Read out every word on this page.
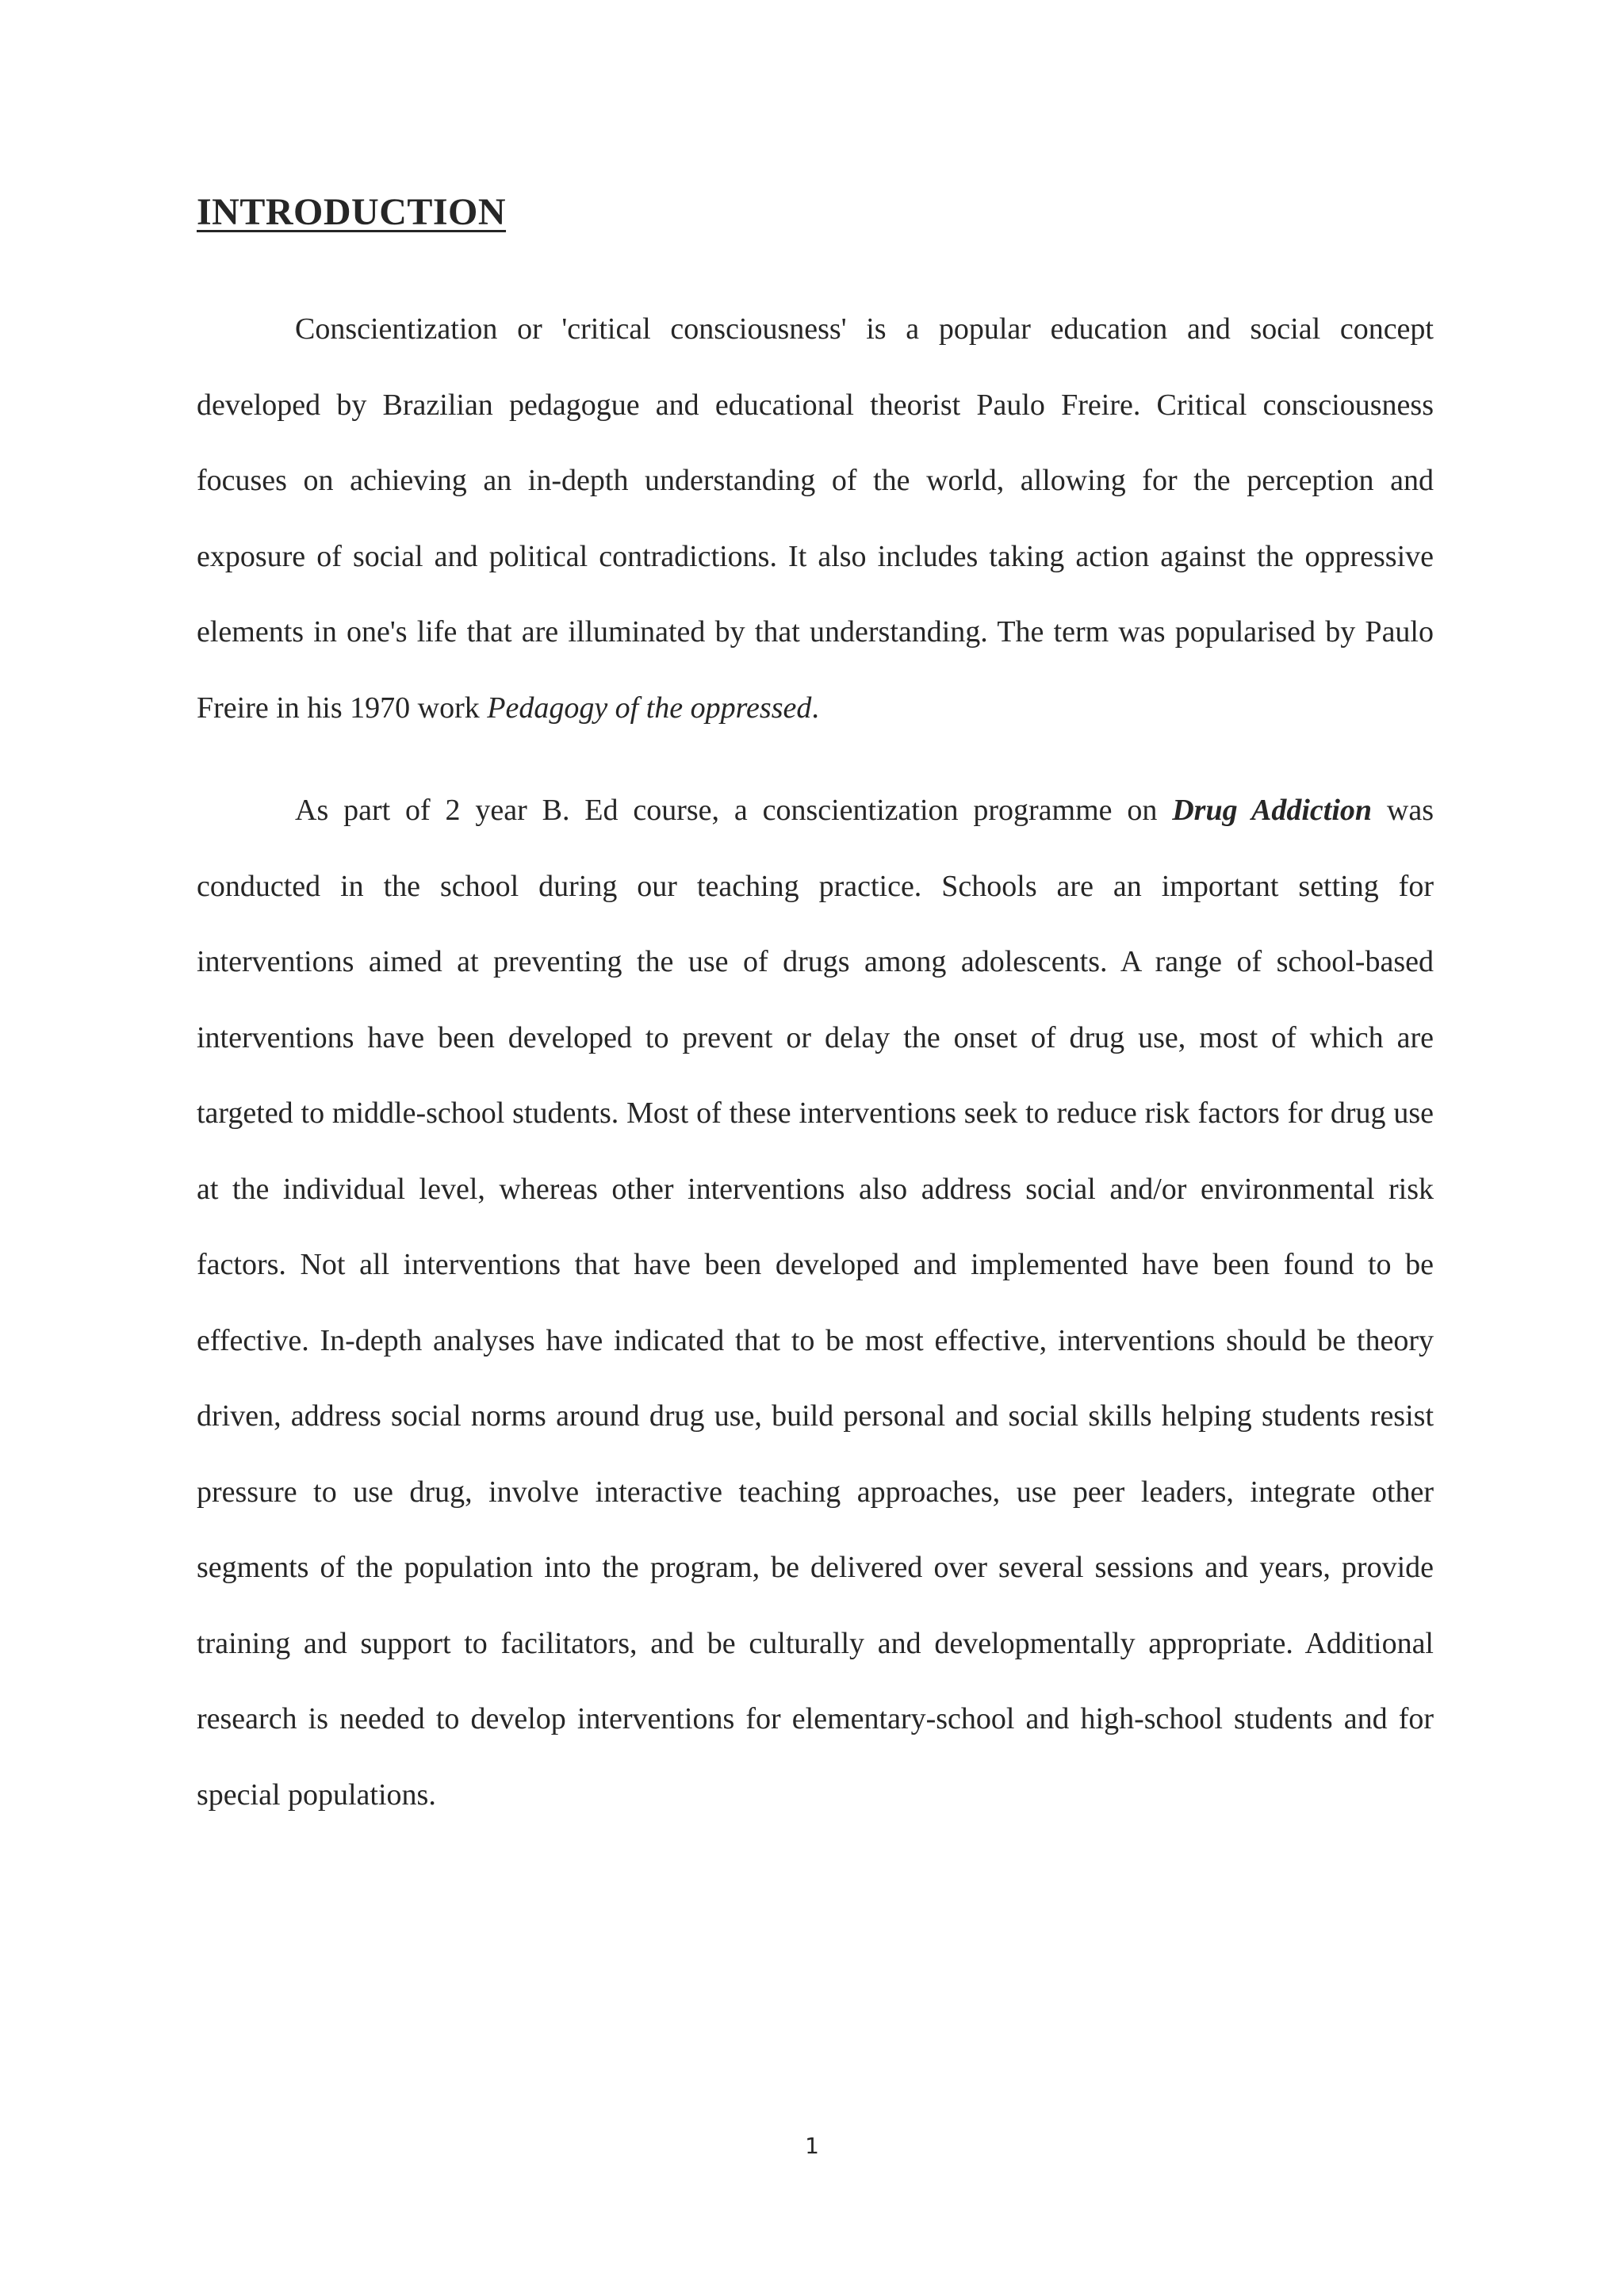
INTRODUCTION

Conscientization or 'critical consciousness' is a popular education and social concept developed by Brazilian pedagogue and educational theorist Paulo Freire. Critical consciousness focuses on achieving an in-depth understanding of the world, allowing for the perception and exposure of social and political contradictions. It also includes taking action against the oppressive elements in one's life that are illuminated by that understanding. The term was popularised by Paulo Freire in his 1970 work Pedagogy of the oppressed.

As part of 2 year B. Ed course, a conscientization programme on Drug Addiction was conducted in the school during our teaching practice. Schools are an important setting for interventions aimed at preventing the use of drugs among adolescents. A range of school-based interventions have been developed to prevent or delay the onset of drug use, most of which are targeted to middle-school students. Most of these interventions seek to reduce risk factors for drug use at the individual level, whereas other interventions also address social and/or environmental risk factors. Not all interventions that have been developed and implemented have been found to be effective. In-depth analyses have indicated that to be most effective, interventions should be theory driven, address social norms around drug use, build personal and social skills helping students resist pressure to use drug, involve interactive teaching approaches, use peer leaders, integrate other segments of the population into the program, be delivered over several sessions and years, provide training and support to facilitators, and be culturally and developmentally appropriate. Additional research is needed to develop interventions for elementary-school and high-school students and for special populations.

1
